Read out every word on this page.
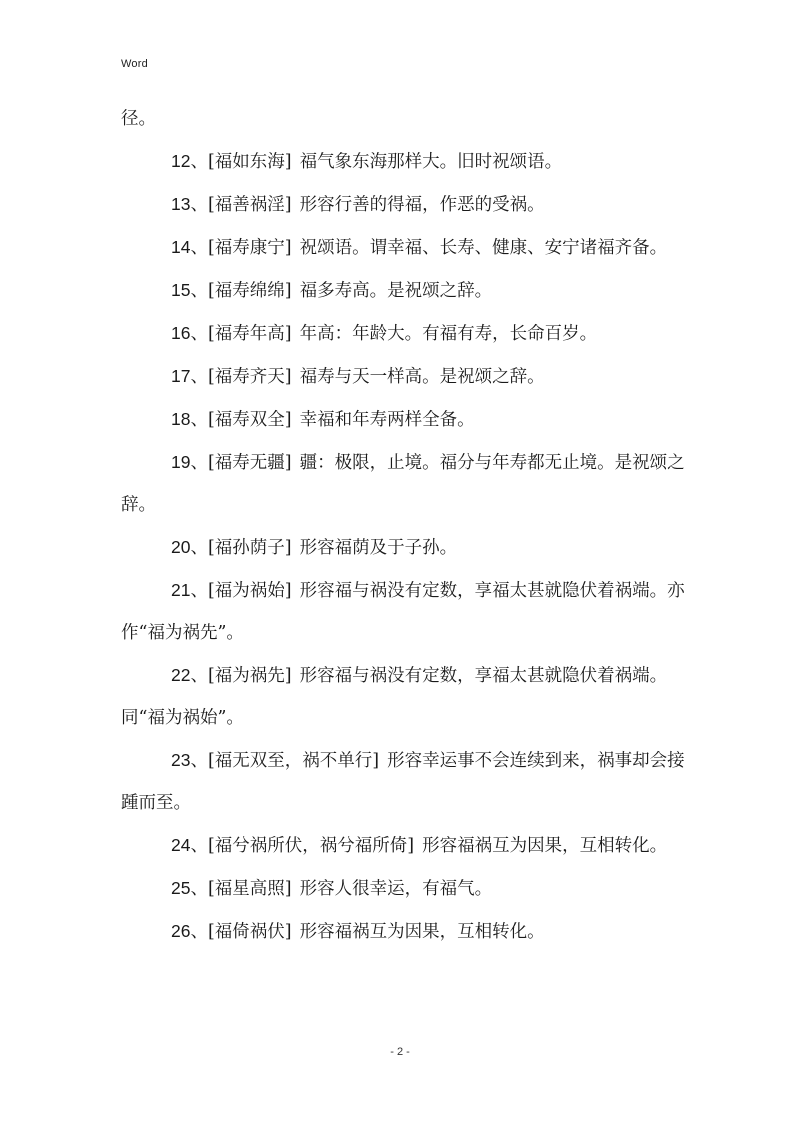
Word

径。

12、[福如东海] 福气象东海那样大。旧时祝颂语。

13、[福善祸淫] 形容行善的得福，作恶的受祸。

14、[福寿康宁] 祝颂语。谓幸福、长寿、健康、安宁诸福齐备。

15、[福寿绵绵] 福多寿高。是祝颂之辞。

16、[福寿年高] 年高：年龄大。有福有寿，长命百岁。

17、[福寿齐天] 福寿与天一样高。是祝颂之辞。

18、[福寿双全] 幸福和年寿两样全备。

19、[福寿无疆] 疆：极限，止境。福分与年寿都无止境。是祝颂之辞。

20、[福孙荫子] 形容福荫及于子孙。

21、[福为祸始] 形容福与祸没有定数，享福太甚就隐伏着祸端。亦作“福为祸先”。

22、[福为祸先] 形容福与祸没有定数，享福太甚就隐伏着祸端。同“福为祸始”。

23、[福无双至，祸不单行] 形容幸运事不会连续到来，祸事却会接踵而至。

24、[福兮祸所伏，祸兮福所倚] 形容福祸互为因果，互相转化。

25、[福星高照] 形容人很幸运，有福气。

26、[福倚祸伏] 形容福祸互为因果，互相转化。

- 2 -
